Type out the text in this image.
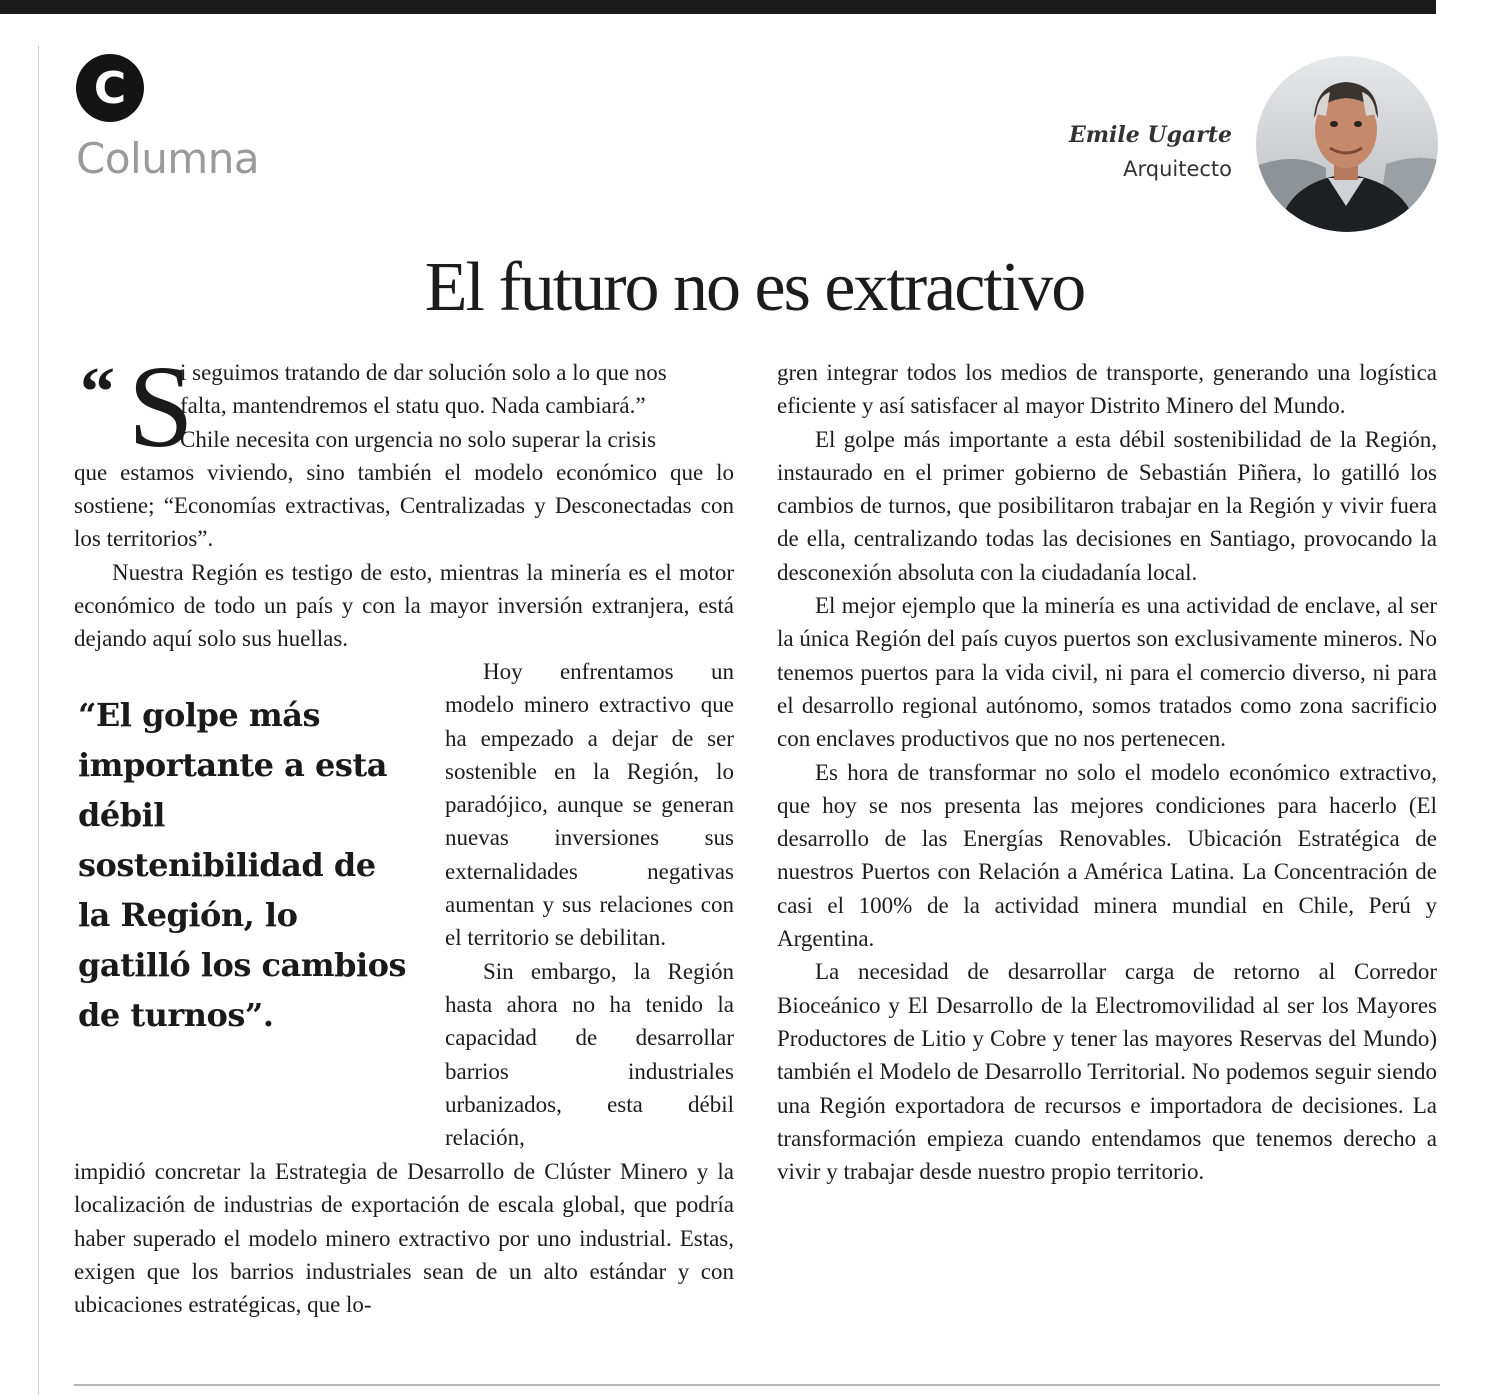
C
Columna	Emile Ugarte
Arquitecto
El futuro no es extractivo
“ S

i seguimos tratando de dar solución solo a lo que nos

falta, mantendremos el statu quo. Nada cambiará.”

Chile necesita con urgencia no solo superar la crisis

que estamos viviendo, sino también el modelo económico que lo sostiene; “Economías extractivas, Centralizadas y Desconectadas con los territorios”.

Nuestra Región es testigo de esto, mientras la minería es el motor económico de todo un país y con la mayor inversión extranjera, está dejando aquí solo sus huellas.

“El golpe más importante a esta débil sostenibilidad de la Región, lo gatilló los cambios de turnos”.

Hoy enfrentamos un modelo minero extractivo que ha empezado a dejar de ser sostenible en la Región, lo paradójico, aunque se generan nuevas inversiones sus externalidades negativas aumentan y sus relaciones con el territorio se debilitan.

Sin embargo, la Región hasta ahora no ha tenido la capacidad de desarrollar barrios industriales urbanizados, esta débil relación,

impidió concretar la Estrategia de Desarrollo de Clúster Minero y la localización de industrias de exportación de escala global, que podría haber superado el modelo minero extractivo por uno industrial. Estas, exigen que los barrios industriales sean de un alto estándar y con ubicaciones estratégicas, que lo-

gren integrar todos los medios de transporte, generando una logística eficiente y así satisfacer al mayor Distrito Minero del Mundo.

El golpe más importante a esta débil sostenibilidad de la Región, instaurado en el primer gobierno de Sebastián Piñera, lo gatilló los cambios de turnos, que posibilitaron trabajar en la Región y vivir fuera de ella, centralizando todas las decisiones en Santiago, provocando la desconexión absoluta con la ciudadanía local.

El mejor ejemplo que la minería es una actividad de enclave, al ser la única Región del país cuyos puertos son exclusivamente mineros. No tenemos puertos para la vida civil, ni para el comercio diverso, ni para el desarrollo regional autónomo, somos tratados como zona sacrificio con enclaves productivos que no nos pertenecen.

Es hora de transformar no solo el modelo económico extractivo, que hoy se nos presenta las mejores condiciones para hacerlo (El desarrollo de las Energías Renovables. Ubicación Estratégica de nuestros Puertos con Relación a América Latina. La Concentración de casi el 100% de la actividad minera mundial en Chile, Perú y Argentina.

La necesidad de desarrollar carga de retorno al Corredor Bioceánico y El Desarrollo de la Electromovilidad al ser los Mayores Productores de Litio y Cobre y tener las mayores Reservas del Mundo) también el Modelo de Desarrollo Territorial. No podemos seguir siendo una Región exportadora de recursos e importadora de decisiones. La transformación empieza cuando entendamos que tenemos derecho a vivir y trabajar desde nuestro propio territorio.
